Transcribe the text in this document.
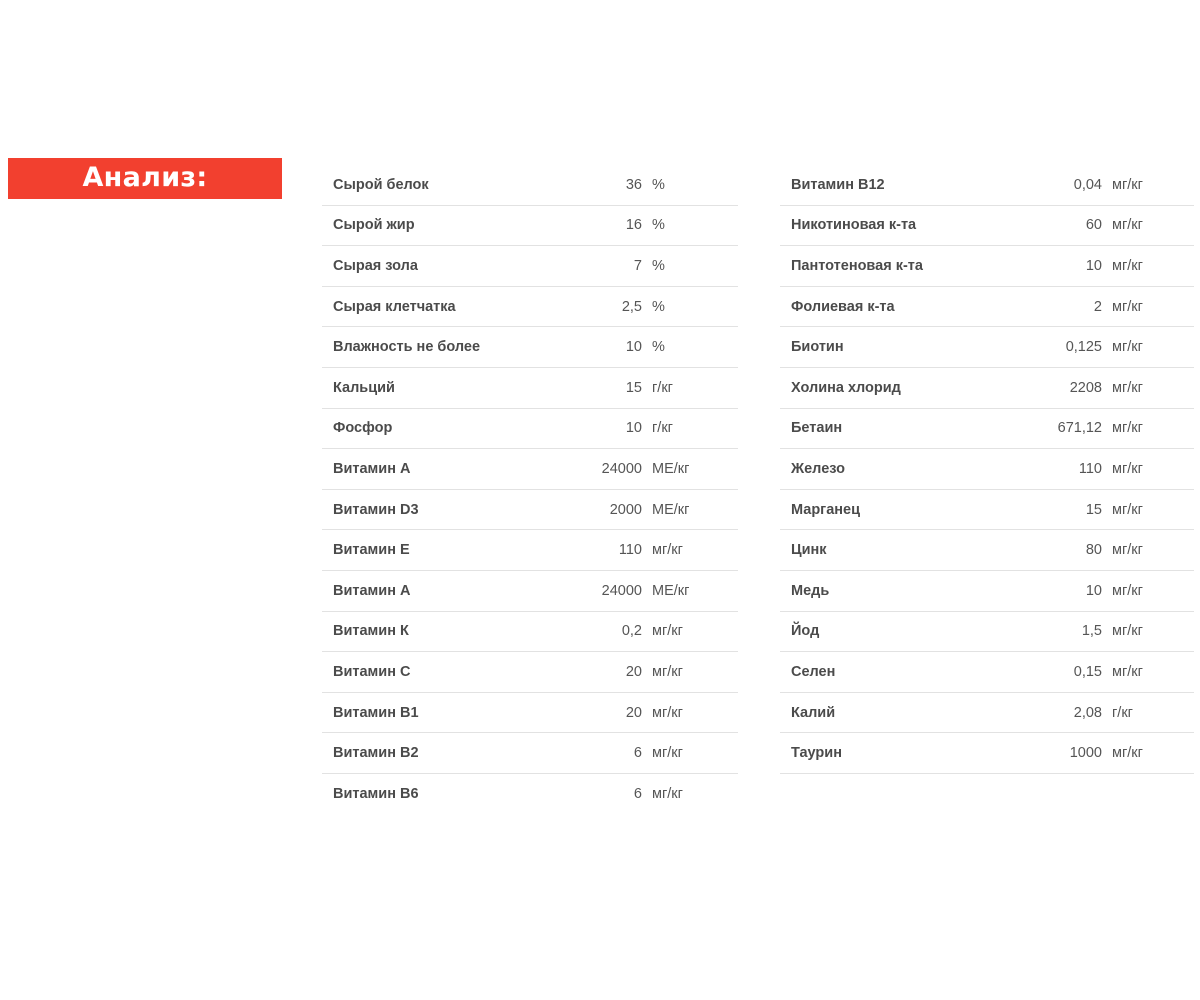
Анализ:	Сырой белок	36 %
Сырой жир	16 %
Сырая зола	7 %
Сырая клетчатка	2,5 %
Влажность не более	10 %
Кальций	15 г/кг
Фосфор	10 г/кг
Витамин А	24000 МЕ/кг
Витамин D3	2000 МЕ/кг
Витамин Е	110 мг/кг
Витамин А	24000 МЕ/кг
Витамин К	0,2 мг/кг
Витамин С	20 мг/кг
Витамин В1	20 мг/кг
Витамин В2	6 мг/кг
Витамин В6	6 мг/кг
Витамин В12	0,04 мг/кг
Никотиновая к-та	60 мг/кг
Пантотеновая к-та	10 мг/кг
Фолиевая к-та	2 мг/кг
Биотин	0,125 мг/кг
Холина хлорид	2208 мг/кг
Бетаин	671,12 мг/кг
Железо	110 мг/кг
Марганец	15 мг/кг
Цинк	80 мг/кг
Медь	10 мг/кг
Йод	1,5 мг/кг
Селен	0,15 мг/кг
Калий	2,08 г/кг
Таурин	1000 мг/кг
